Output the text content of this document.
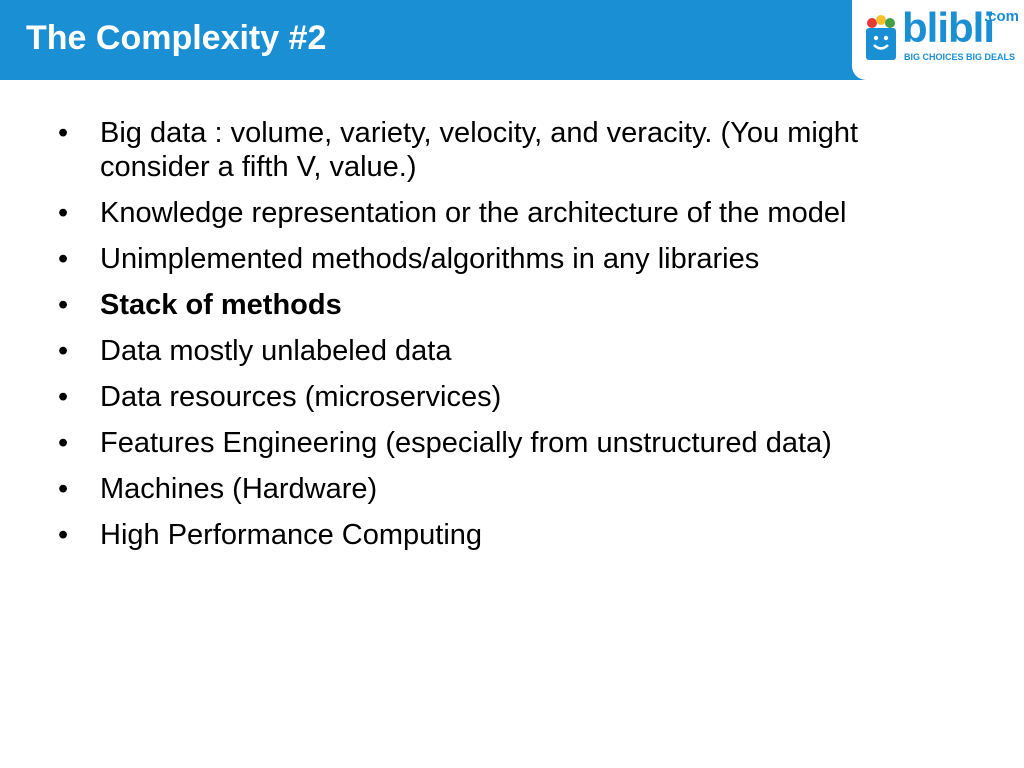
The Complexity #2	blibli
.com
BIG CHOICES BIG DEALS
• Big data : volume, variety, velocity, and veracity. (You might consider a fifth V, value.)
• Knowledge representation or the architecture of the model
• Unimplemented methods/algorithms in any libraries
• Stack of methods
• Data mostly unlabeled data
• Data resources (microservices)
• Features Engineering (especially from unstructured data)
• Machines (Hardware)
• High Performance Computing
